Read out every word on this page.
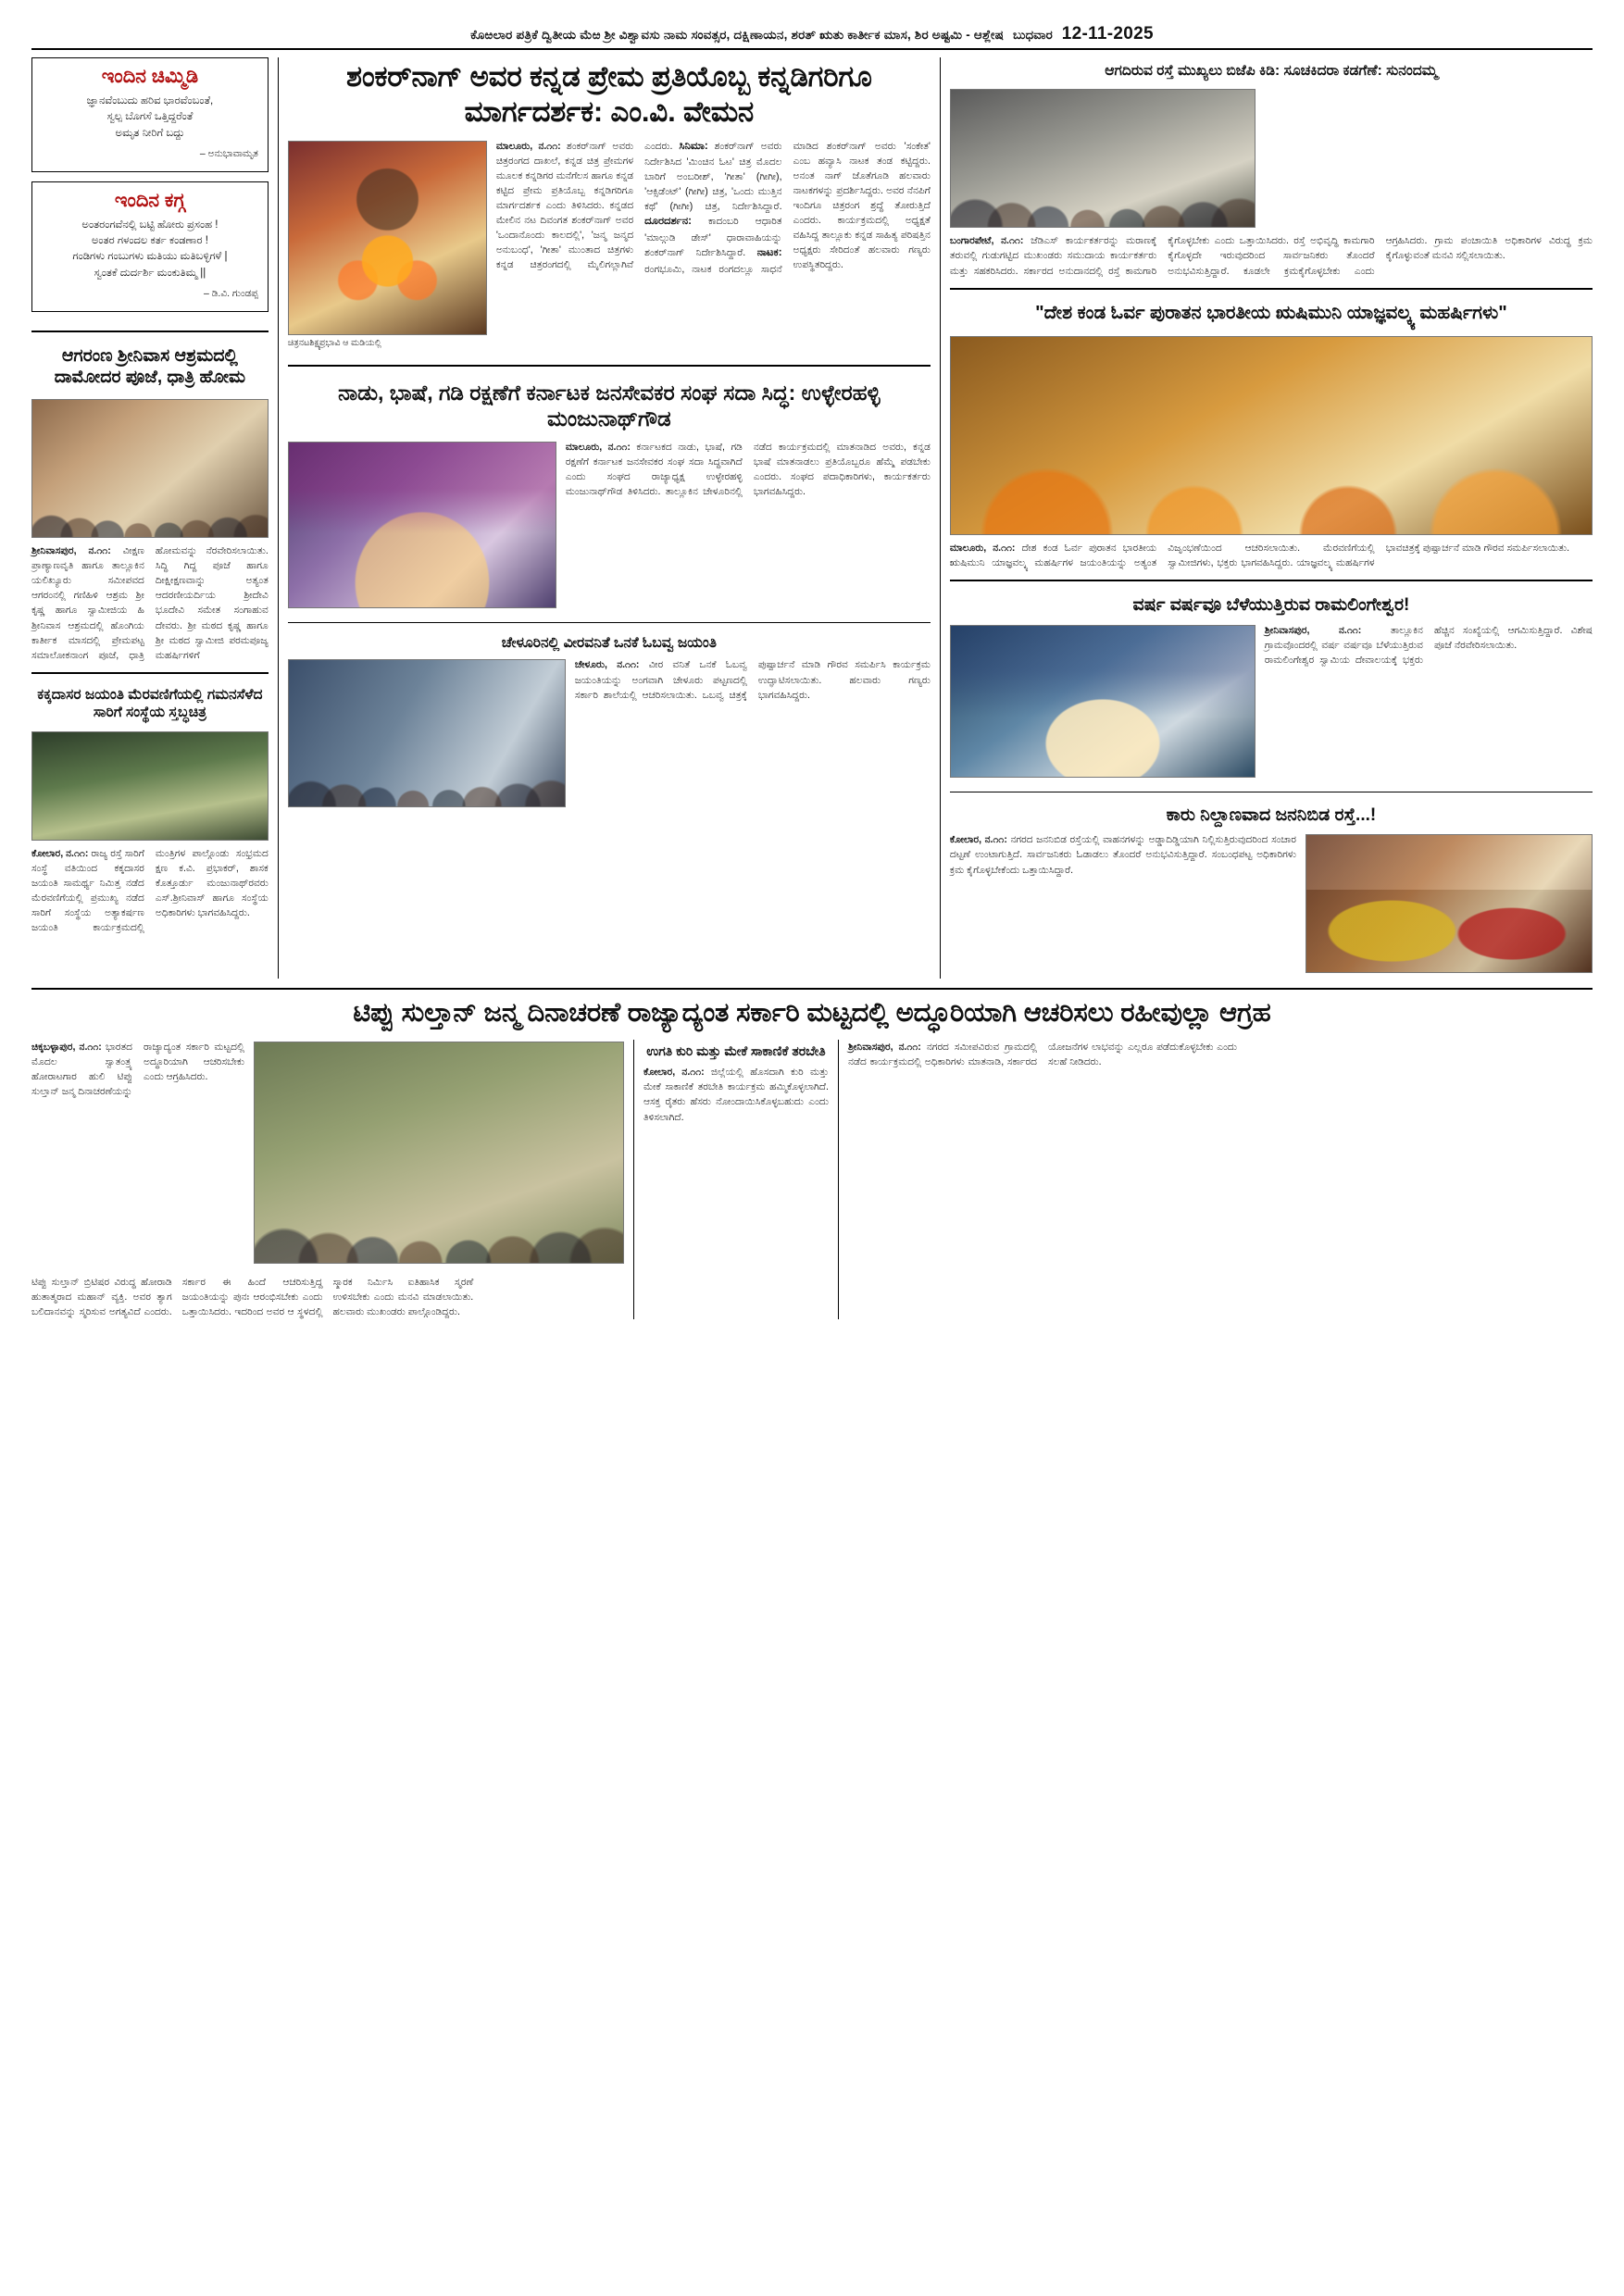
ಕೊಱಲಾರ ಪತ್ರಿಕೆ ದ್ವಿತೀಯ ಮೆಱ ಶ್ರೀ ವಿಶ್ವಾವಸು ನಾಮ ಸಂವತ್ಸರ, ದಕ್ಷಿಣಾಯನ, ಶರತ್ ಋತು ಕಾರ್ತೀಕ ಮಾಸ, ಶಿರ ಅಷ್ಟಮಿ - ಆಶ್ಲೇಷ ಬುಧವಾರ 12-11-2025
ಇಂದಿನ ಚಿಮ್ಮಿಡಿ
ಜ್ಞಾನವೆಂಬುದು ಹರಿವ ಭಾರವೆಂಬಂತೆ,
ಸ್ವಲ್ಪ ಬೊಗಸೆ ಒತ್ತಿದ್ದರೆಂತೆ
ಅಮೃತ ನೀರಿಗೆ ಬದ್ದು
– ಅನುಭಾವಾಮೃತ
ಇಂದಿನ ಕಗ್ಗ
ಅಂತರಂಗವೆನಲ್ಲಿ ಬಟ್ಟಿ ಹೋರು ಪ್ರಸಂಹ !
ಅಂತರ ಗಳಂದಲ ಕರ್ತ ಕಂಡಣಾರ !
ಗಂಡಿಗಳು ಗಂಬುಗಳು ಮತಿಯು ಮತಿಬಳ್ಳಿಗಳೆ |
ಸ್ವಂತಕೆ ದುರ್ದರ್ಶಿ ಮಂಕುತಿಮ್ಮ ||
– ಡಿ.ವಿ. ಗುಂಡಪ್ಪ
ಆಗರಂಣ ಶ್ರೀನಿವಾಸ ಆಶ್ರಮದಲ್ಲಿ ದಾಮೋದರ ಪೂಜೆ, ಧಾತ್ರಿ ಹೋಮ
ಶ್ರೀನಿವಾಸಪುರ, ನ.೧೧: ವೀಕ್ಷಣ ಪ್ರಾಣ್ಯಾಣವೃತಿ ಹಾಗೂ ತಾಲ್ಲೂಕಿನ ಯಲಿಖ್ಯೂರು ಸಮೀಪವದ ಆಗರಂನಲ್ಲಿ ಗಣಿಹಿಳಿ ಆಶ್ರಮ ಶ್ರೀ ಕೃಷ್ಣ ಹಾಗೂ ಸ್ವಾಮೀಜಿಯ ಹಿ ಶ್ರೀನಿವಾಸ ಆಶ್ರಮದಲ್ಲಿ ಹೊಂಗಿಯ ಕಾರ್ತೀಕ ಮಾಸದಲ್ಲಿ ಪ್ರೇಮಪಟ್ಟ ಸಮಾಲೋಕನಾಂಗ ಪೂಜೆ, ಧಾತ್ರಿ ಹೋಮವನ್ನು ನೆರವೇರಿಸಲಾಯಿತು. ಸಿದ್ಧಿ ಗಿದ್ದ ಪೂಜೆ ಹಾಗೂ ದೀಕ್ಷೀಕ್ಷಣವಾನ್ನು ಅತ್ಯಂತ ಆದರಣೀಯರ್ದಿಯ ಶ್ರೀದೇವಿ ಭೂದೇವಿ ಸಮೇತ ಸಂಗಾಹುವ ದೇವರು. ಶ್ರೀ ಮಠದ ಕೃಷ್ಣ ಹಾಗೂ ಶ್ರೀ ಮಠದ ಸ್ವಾಮೀಜಿ ಪರಮಪೂಜ್ಯ ಮಹರ್ಷಿಗಳಿಗೆ
ಕಕ್ಕದಾಸರ ಜಯಂತಿ ಮೆರವಣಿಗೆಯಲ್ಲಿ ಗಮನಸೆಳೆದ ಸಾರಿಗೆ ಸಂಸ್ಥೆಯ ಸ್ತಬ್ಧಚಿತ್ರ
ಕೋಲಾರ, ನ.೧೧: ರಾಜ್ಯ ರಸ್ತೆ ಸಾರಿಗೆ ಸಂಸ್ಥೆ ವತಿಯಿಂದ ಕಕ್ಕದಾಸರ ಜಯಂತಿ ಸಾಮರ್ಥ್ಯ ನಿಮಿತ್ತ ನಡೆದ ಮೆರವಣಿಗೆಯಲ್ಲಿ ಪ್ರಮುಖ್ಯ ನಡೆದ ಸಾರಿಗೆ ಸಂಸ್ಥೆಯ ಅತ್ಯಾಕರ್ಷಣ ಜಯಂತಿ ಕಾರ್ಯಕ್ರಮದಲ್ಲಿ ಮಂತ್ರಿಗಳ ಪಾಲ್ಗೊಂಡು ಸಂಭ್ರಮದ ಕ್ಷಣ ಕ.ವಿ. ಪ್ರಭಾಕರ್, ಶಾಸಕ ಕೊತ್ತೂರ್ಡು ಮಂಜುನಾಥ್‌ರವರು ಎಸ್.ಶ್ರೀನಿವಾಸ್ ಹಾಗೂ ಸಂಸ್ಥೆಯ ಅಧಿಕಾರಿಗಳು ಭಾಗವಹಿಸಿದ್ದರು.
ಶಂಕರ್‌ನಾಗ್ ಅವರ ಕನ್ನಡ ಪ್ರೇಮ ಪ್ರತಿಯೊಬ್ಬ ಕನ್ನಡಿಗರಿಗೂ ಮಾರ್ಗದರ್ಶಕ: ಎಂ.ವಿ. ವೇಮನ
ಚಿತ್ರನಟಶಿಕ್ಷ್ಯಪ್ರಭಾವಿ ಆ ಮಡಿಯಲ್ಲಿ
ಮಾಲೂರು, ನ.೧೧: ಶಂಕರ್‌ನಾಗ್ ಅವರು ಚಿತ್ರರಂಗದ ದಾಖಲೆ, ಕನ್ನಡ ಚಿತ್ರ ಪ್ರೇಮಗಳ ಮೂಲಕ ಕನ್ನಡಿಗರ ಮನೆಗೆಲಸ ಹಾಗೂ ಕನ್ನಡ ಕಟ್ಟಿದ ಪ್ರೇಮ ಪ್ರತಿಯೊಬ್ಬ ಕನ್ನಡಿಗರಿಗೂ ಮಾರ್ಗದರ್ಶಕ ಎಂದು ತಿಳಿಸಿದರು. ಕನ್ನಡದ ಮೇಲಿನ ನಟ ದಿವಂಗತ ಶಂಕರ್‌ನಾಗ್ ಅವರ 'ಒಂದಾನೊಂದು ಕಾಲದಲ್ಲಿ', 'ಜನ್ಮ ಜನ್ಮದ ಅನುಬಂಧ', 'ಗೀತಾ' ಮುಂತಾದ ಚಿತ್ರಗಳು ಕನ್ನಡ ಚಿತ್ರರಂಗದಲ್ಲಿ ಮೈಲಿಗಲ್ಲಾಗಿವೆ ಎಂದರು. ಸಿನಿಮಾ: ಶಂಕರ್‌ನಾಗ್ ಅವರು ನಿರ್ದೇಶಿಸಿದ 'ಮಿಂಚಿನ ಓಟ' ಚಿತ್ರ ಮೊದಲ ಬಾರಿಗೆ ಅಂಬರೀಶ್, 'ಗೀತಾ' (ಗೀಗೀ), 'ಆಕ್ಸಿಡೆಂಟ್' (ಗೀಗೀ) ಚಿತ್ರ, 'ಒಂದು ಮುತ್ತಿನ ಕಥೆ' (ಗೀಗೀ) ಚಿತ್ರ, ನಿರ್ದೇಶಿಸಿದ್ದಾರೆ. ದೂರದರ್ಶನ: ಕಾದಂಬರಿ ಆಧಾರಿತ 'ಮಾಲ್ಗುಡಿ ಡೇಸ್' ಧಾರಾವಾಹಿಯನ್ನು ಶಂಕರ್‌ನಾಗ್ ನಿರ್ದೇಶಿಸಿದ್ದಾರೆ. ನಾಟಕ: ರಂಗಭೂಮಿ, ನಾಟಕ ರಂಗದಲ್ಲೂ ಸಾಧನೆ ಮಾಡಿದ ಶಂಕರ್‌ನಾಗ್ ಅವರು 'ಸಂಕೇತ' ಎಂಬ ಹವ್ಯಾಸಿ ನಾಟಕ ತಂಡ ಕಟ್ಟಿದ್ದರು. ಅನಂತ ನಾಗ್ ಜೊತೆಗೂಡಿ ಹಲವಾರು ನಾಟಕಗಳನ್ನು ಪ್ರದರ್ಶಿಸಿದ್ದರು. ಅವರ ನೆನಪಿಗೆ ಇಂದಿಗೂ ಚಿತ್ರರಂಗ ಶ್ರದ್ಧೆ ತೋರುತ್ತಿದೆ ಎಂದರು. ಕಾರ್ಯಕ್ರಮದಲ್ಲಿ ಅಧ್ಯಕ್ಷತೆ ವಹಿಸಿದ್ದ ತಾಲ್ಲೂಕು ಕನ್ನಡ ಸಾಹಿತ್ಯ ಪರಿಷತ್ತಿನ ಅಧ್ಯಕ್ಷರು ಸೇರಿದಂತೆ ಹಲವಾರು ಗಣ್ಯರು ಉಪಸ್ಥಿತರಿದ್ದರು.
ನಾಡು, ಭಾಷೆ, ಗಡಿ ರಕ್ಷಣೆಗೆ ಕರ್ನಾಟಕ ಜನಸೇವಕರ ಸಂಘ ಸದಾ ಸಿದ್ಧ: ಉಳ್ಳೇರಹಳ್ಳಿ ಮಂಜುನಾಥ್‌ಗೌಡ
ಮಾಲೂರು, ನ.೧೧: ಕರ್ನಾಟಕದ ನಾಡು, ಭಾಷೆ, ಗಡಿ ರಕ್ಷಣೆಗೆ ಕರ್ನಾಟಕ ಜನಸೇವಕರ ಸಂಘ ಸದಾ ಸಿದ್ಧವಾಗಿದೆ ಎಂದು ಸಂಘದ ರಾಜ್ಯಾಧ್ಯಕ್ಷ ಉಳ್ಳೇರಹಳ್ಳಿ ಮಂಜುನಾಥ್‌ಗೌಡ ತಿಳಿಸಿದರು. ತಾಲ್ಲೂಕಿನ ಚೇಳೂರಿನಲ್ಲಿ ನಡೆದ ಕಾರ್ಯಕ್ರಮದಲ್ಲಿ ಮಾತನಾಡಿದ ಅವರು, ಕನ್ನಡ ಭಾಷೆ ಮಾತನಾಡಲು ಪ್ರತಿಯೊಬ್ಬರೂ ಹೆಮ್ಮೆ ಪಡಬೇಕು ಎಂದರು. ಸಂಘದ ಪದಾಧಿಕಾರಿಗಳು, ಕಾರ್ಯಕರ್ತರು ಭಾಗವಹಿಸಿದ್ದರು.
ಚೇಳೂರಿನಲ್ಲಿ ವೀರವನಿತೆ ಒನಕೆ ಓಬವ್ವ ಜಯಂತಿ
ಚೇಳೂರು, ನ.೧೧: ವೀರ ವನಿತೆ ಒನಕೆ ಓಬವ್ವ ಜಯಂತಿಯನ್ನು ಅಂಗವಾಗಿ ಚೇಳೂರು ಪಟ್ಟಣದಲ್ಲಿ ಸರ್ಕಾರಿ ಶಾಲೆಯಲ್ಲಿ ಆಚರಿಸಲಾಯಿತು. ಒಬವ್ವ ಚಿತ್ರಕ್ಕೆ ಪುಷ್ಪಾರ್ಚನೆ ಮಾಡಿ ಗೌರವ ಸಮರ್ಪಿಸಿ ಕಾರ್ಯಕ್ರಮ ಉದ್ಘಾಟಿಸಲಾಯಿತು. ಹಲವಾರು ಗಣ್ಯರು ಭಾಗವಹಿಸಿದ್ದರು.
ಆಗದಿರುವ ರಸ್ತೆ ಮುಖ್ಯಲು ಬಿಜೆಪಿ ಕಿಡಿ: ಸೂಚಕಿದರಾ ಕಡಗೆಣೆ: ಸುನಂದಮ್ಮ
ಬಂಗಾರಪೇಟೆ, ನ.೧೧: ಜೆಡಿಎಸ್ ಕಾರ್ಯಕರ್ತರನ್ನು ಮರಾಣಕ್ಕೆ ತರುವಲ್ಲಿ ಗುಡುಗಟ್ಟಿದ ಮುಖಂಡರು ಸಮುದಾಯ ಕಾರ್ಯಕರ್ತರು ಮತ್ತು ಸಹಕರಿಸಿದರು. ಸರ್ಕಾರದ ಅನುದಾನದಲ್ಲಿ ರಸ್ತೆ ಕಾಮಗಾರಿ ಕೈಗೊಳ್ಳಬೇಕು ಎಂದು ಒತ್ತಾಯಿಸಿದರು. ರಸ್ತೆ ಅಭಿವೃದ್ಧಿ ಕಾಮಗಾರಿ ಕೈಗೊಳ್ಳದೇ ಇರುವುದರಿಂದ ಸಾರ್ವಜನಿಕರು ತೊಂದರೆ ಅನುಭವಿಸುತ್ತಿದ್ದಾರೆ. ಕೂಡಲೇ ಕ್ರಮಕೈಗೊಳ್ಳಬೇಕು ಎಂದು ಆಗ್ರಹಿಸಿದರು. ಗ್ರಾಮ ಪಂಚಾಯಿತಿ ಅಧಿಕಾರಿಗಳ ವಿರುದ್ಧ ಕ್ರಮ ಕೈಗೊಳ್ಳುವಂತೆ ಮನವಿ ಸಲ್ಲಿಸಲಾಯಿತು.
"ದೇಶ ಕಂಡ ಓರ್ವ ಪುರಾತನ ಭಾರತೀಯ ಋಷಿಮುನಿ ಯಾಜ್ಞವಲ್ಕ್ಯ ಮಹರ್ಷಿಗಳು"
ಮಾಲೂರು, ನ.೧೧: ದೇಶ ಕಂಡ ಓರ್ವ ಪುರಾತನ ಭಾರತೀಯ ಋಷಿಮುನಿ ಯಾಜ್ಞವಲ್ಕ್ಯ ಮಹರ್ಷಿಗಳ ಜಯಂತಿಯನ್ನು ಅತ್ಯಂತ ವಿಜೃಂಭಣೆಯಿಂದ ಆಚರಿಸಲಾಯಿತು. ಮೆರವಣಿಗೆಯಲ್ಲಿ ಸ್ವಾಮೀಜಿಗಳು, ಭಕ್ತರು ಭಾಗವಹಿಸಿದ್ದರು. ಯಾಜ್ಞವಲ್ಕ್ಯ ಮಹರ್ಷಿಗಳ ಭಾವಚಿತ್ರಕ್ಕೆ ಪುಷ್ಪಾರ್ಚನೆ ಮಾಡಿ ಗೌರವ ಸಮರ್ಪಿಸಲಾಯಿತು.
ವರ್ಷ ವರ್ಷವೂ ಬೆಳೆಯುತ್ತಿರುವ ರಾಮಲಿಂಗೇಶ್ವರ!
ಶ್ರೀನಿವಾಸಪುರ, ನ.೧೧:	ತಾಲ್ಲೂಕಿನ ಗ್ರಾಮವೊಂದರಲ್ಲಿ ವರ್ಷ ವರ್ಷವೂ ಬೆಳೆಯುತ್ತಿರುವ ರಾಮಲಿಂಗೇಶ್ವರ ಸ್ವಾಮಿಯ ದೇವಾಲಯಕ್ಕೆ ಭಕ್ತರು ಹೆಚ್ಚಿನ ಸಂಖ್ಯೆಯಲ್ಲಿ ಆಗಮಿಸುತ್ತಿದ್ದಾರೆ. ವಿಶೇಷ ಪೂಜೆ ನೆರವೇರಿಸಲಾಯಿತು.
ಕಾರು ನಿಲ್ದಾಣವಾದ ಜನನಿಬಿಡ ರಸ್ತೆ...!
ಕೋಲಾರ, ನ.೧೧: ನಗರದ ಜನನಿಬಿಡ ರಸ್ತೆಯಲ್ಲಿ ವಾಹನಗಳನ್ನು ಅಡ್ಡಾದಿಡ್ಡಿಯಾಗಿ ನಿಲ್ಲಿಸುತ್ತಿರುವುದರಿಂದ ಸಂಚಾರ ದಟ್ಟಣೆ ಉಂಟಾಗುತ್ತಿದೆ. ಸಾರ್ವಜನಿಕರು ಓಡಾಡಲು ತೊಂದರೆ ಅನುಭವಿಸುತ್ತಿದ್ದಾರೆ. ಸಂಬಂಧಪಟ್ಟ ಅಧಿಕಾರಿಗಳು ಕ್ರಮ ಕೈಗೊಳ್ಳಬೇಕೆಂದು ಒತ್ತಾಯಿಸಿದ್ದಾರೆ.
ಟಿಪ್ಪು ಸುಲ್ತಾನ್ ಜನ್ಮ ದಿನಾಚರಣೆ ರಾಜ್ಯಾದ್ಯಂತ ಸರ್ಕಾರಿ ಮಟ್ಟದಲ್ಲಿ ಅದ್ಧೂರಿಯಾಗಿ ಆಚರಿಸಲು ರಹೀವುಲ್ಲಾ ಆಗ್ರಹ
ಚಿಕ್ಕಬಳ್ಳಾಪುರ, ನ.೧೧: ಭಾರತದ ಮೊದಲ ಸ್ವಾತಂತ್ರ್ಯ ಹೋರಾಟಗಾರ ಹುಲಿ ಟಿಪ್ಪು ಸುಲ್ತಾನ್ ಜನ್ಮ ದಿನಾಚರಣೆಯನ್ನು ರಾಜ್ಯಾದ್ಯಂತ ಸರ್ಕಾರಿ ಮಟ್ಟದಲ್ಲಿ ಅದ್ಧೂರಿಯಾಗಿ ಆಚರಿಸಬೇಕು ಎಂದು ಆಗ್ರಹಿಸಿದರು.
ಟಿಪ್ಪು ಸುಲ್ತಾನ್ ಬ್ರಿಟಿಷರ ವಿರುದ್ಧ ಹೋರಾಡಿ ಹುತಾತ್ಮರಾದ ಮಹಾನ್ ವ್ಯಕ್ತಿ. ಅವರ ತ್ಯಾಗ ಬಲಿದಾನವನ್ನು ಸ್ಮರಿಸುವ ಅಗತ್ಯವಿದೆ ಎಂದರು. ಸರ್ಕಾರ ಈ ಹಿಂದೆ ಆಚರಿಸುತ್ತಿದ್ದ ಜಯಂತಿಯನ್ನು ಪುನಃ ಆರಂಭಿಸಬೇಕು ಎಂದು ಒತ್ತಾಯಿಸಿದರು. ಇದರಿಂದ ಅವರ ಆ ಸ್ಥಳದಲ್ಲಿ ಸ್ಮಾರಕ ನಿರ್ಮಿಸಿ ಐತಿಹಾಸಿಕ ಸ್ಮರಣೆ ಉಳಿಸಬೇಕು ಎಂದು ಮನವಿ ಮಾಡಲಾಯಿತು. ಹಲವಾರು ಮುಖಂಡರು ಪಾಲ್ಗೊಂಡಿದ್ದರು.
ಉಗತಿ ಕುರಿ ಮತ್ತು ಮೇಕೆ ಸಾಕಾಣಿಕೆ ತರಬೇತಿ
ಕೋಲಾರ, ನ.೧೧: ಜಿಲ್ಲೆಯಲ್ಲಿ ಹೊಸದಾಗಿ ಕುರಿ ಮತ್ತು ಮೇಕೆ ಸಾಕಾಣಿಕೆ ತರಬೇತಿ ಕಾರ್ಯಕ್ರಮ ಹಮ್ಮಿಕೊಳ್ಳಲಾಗಿದೆ. ಆಸಕ್ತ ರೈತರು ಹೆಸರು ನೋಂದಾಯಿಸಿಕೊಳ್ಳಬಹುದು ಎಂದು ತಿಳಿಸಲಾಗಿದೆ.
ಶ್ರೀನಿವಾಸಪುರ, ನ.೧೧: ನಗರದ ಸಮೀಪವಿರುವ ಗ್ರಾಮದಲ್ಲಿ ನಡೆದ ಕಾರ್ಯಕ್ರಮದಲ್ಲಿ ಅಧಿಕಾರಿಗಳು ಮಾತನಾಡಿ, ಸರ್ಕಾರದ ಯೋಜನೆಗಳ ಲಾಭವನ್ನು ಎಲ್ಲರೂ ಪಡೆದುಕೊಳ್ಳಬೇಕು ಎಂದು ಸಲಹೆ ನೀಡಿದರು.
